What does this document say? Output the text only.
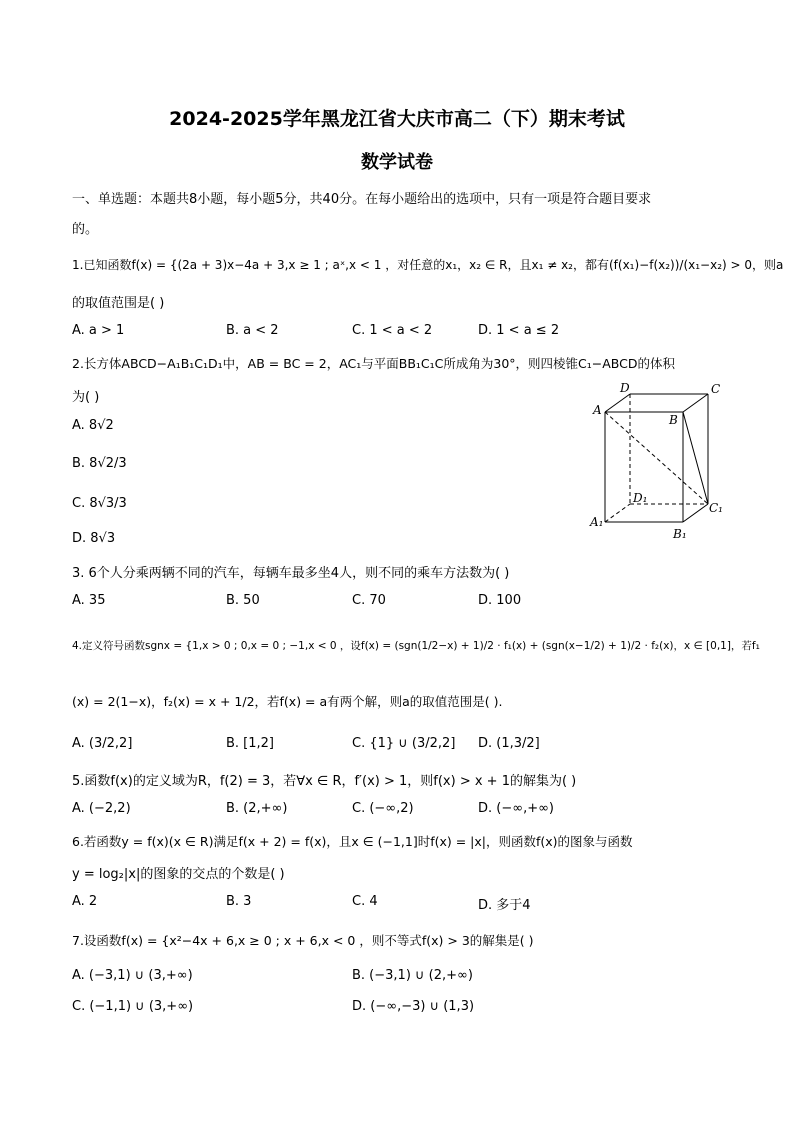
2024-2025学年黑龙江省大庆市高二（下）期末考试
数学试卷
一、单选题：本题共8小题，每小题5分，共40分。在每小题给出的选项中，只有一项是符合题目要求
的。
1.已知函数f(x) = {(2a + 3)x−4a + 3,x ≥ 1 ; aˣ,x < 1 ，对任意的x₁，x₂ ∈ R，且x₁ ≠ x₂，都有(f(x₁)−f(x₂))/(x₁−x₂) > 0，则a
的取值范围是( )
A. a > 1	B. a < 2	C. 1 < a < 2	D. 1 < a ≤ 2
2.长方体ABCD−A₁B₁C₁D₁中，AB = BC = 2，AC₁与平面BB₁C₁C所成角为30°，则四棱锥C₁−ABCD的体积
为( )
A. 8√2
B. 8√2/3
C. 8√3/3
D. 8√3
D	C
A
B
D₁
C₁
A₁
B₁
3. 6个人分乘两辆不同的汽车，每辆车最多坐4人，则不同的乘车方法数为( )
A. 35	B. 50	C. 70	D. 100
4.定义符号函数sgnx = {1,x > 0 ; 0,x = 0 ; −1,x < 0 ，设f(x) = (sgn(1/2−x) + 1)/2 · f₁(x) + (sgn(x−1/2) + 1)/2 · f₂(x)，x ∈ [0,1]，若f₁
(x) = 2(1−x)，f₂(x) = x + 1/2，若f(x) = a有两个解，则a的取值范围是( ).
A. (3/2,2]	B. [1,2]	C. {1} ∪ (3/2,2] D. (1,3/2]
5.函数f(x)的定义域为R，f(2) = 3，若∀x ∈ R，f′(x) > 1，则f(x) > x + 1的解集为( )
A. (−2,2)	B. (2,+∞)	C. (−∞,2)	D. (−∞,+∞)
6.若函数y = f(x)(x ∈ R)满足f(x + 2) = f(x)，且x ∈ (−1,1]时f(x) = |x|，则函数f(x)的图象与函数
y = log₂|x|的图象的交点的个数是( )
A. 2	B. 3	C. 4	D. 多于4
7.设函数f(x) = {x²−4x + 6,x ≥ 0 ; x + 6,x < 0 ，则不等式f(x) > 3的解集是( )
A. (−3,1) ∪ (3,+∞)	B. (−3,1) ∪ (2,+∞)
C. (−1,1) ∪ (3,+∞)	D. (−∞,−3) ∪ (1,3)
